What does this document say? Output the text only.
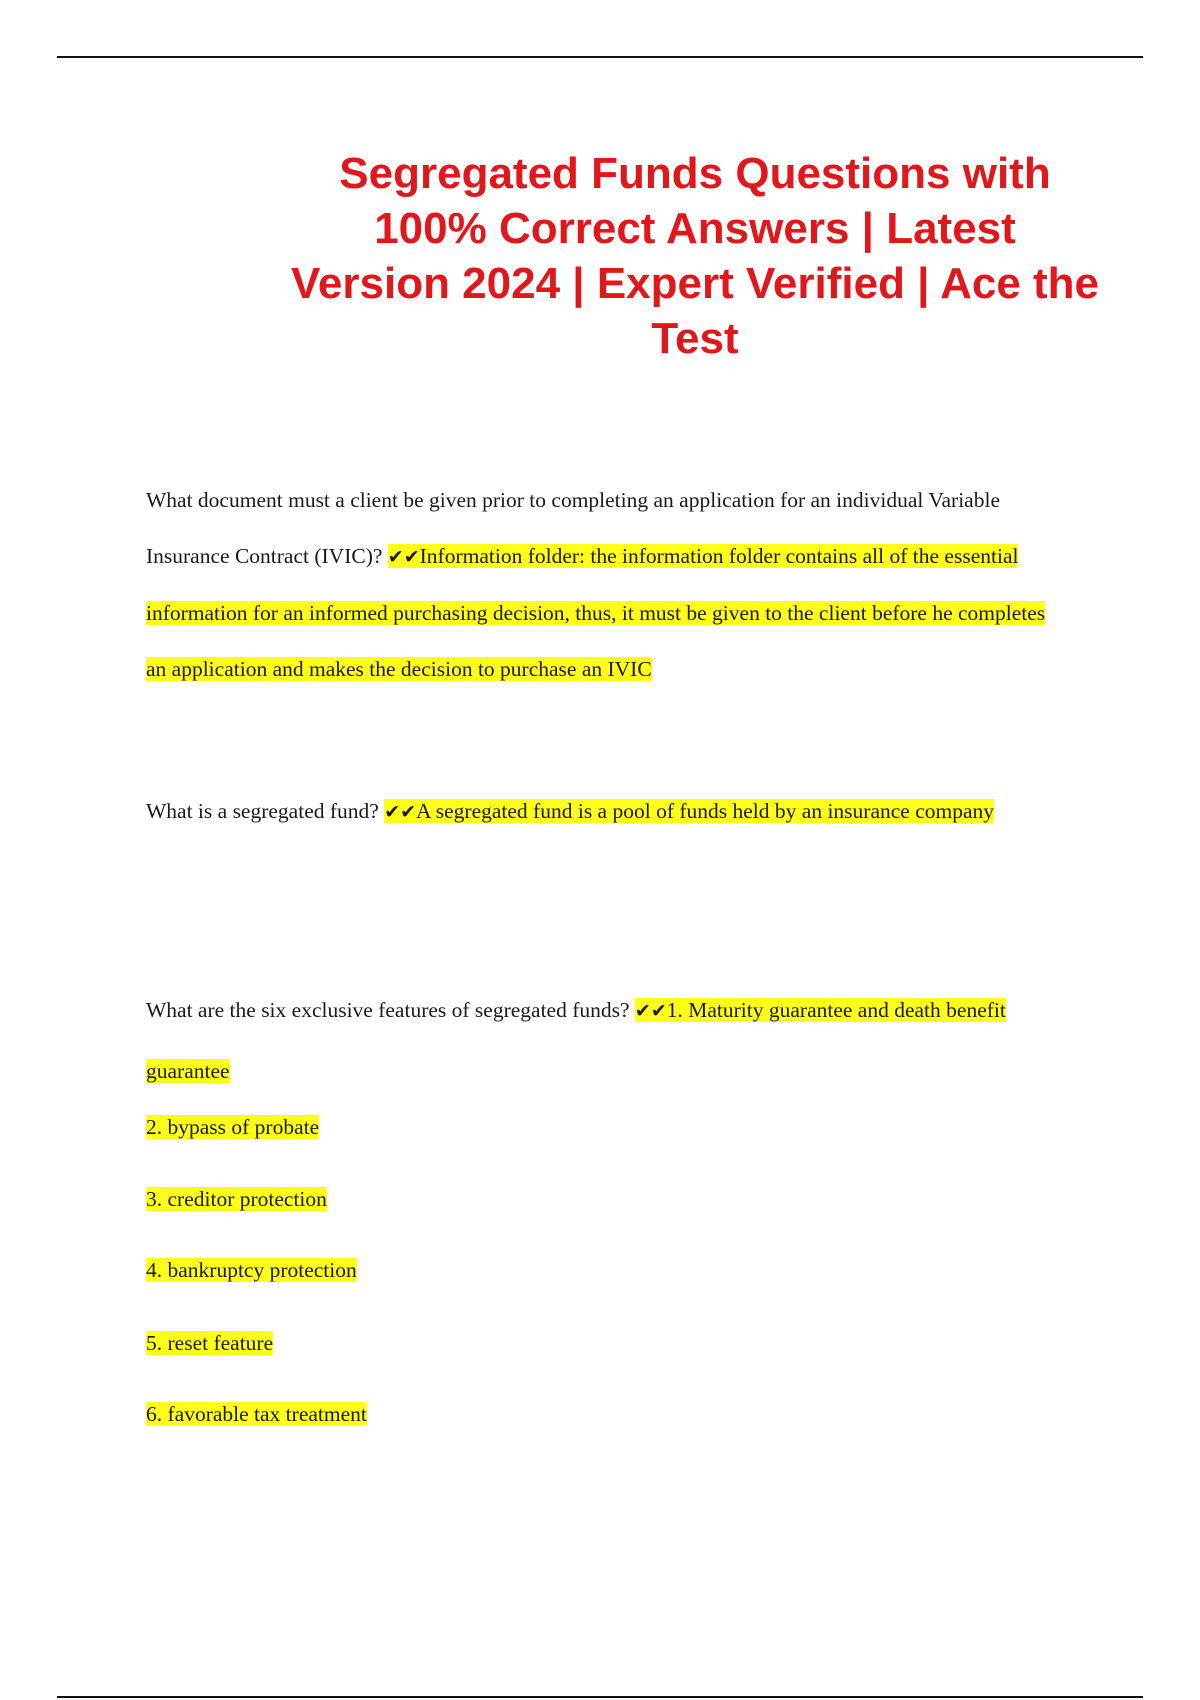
Segregated Funds Questions with 100% Correct Answers | Latest Version 2024 | Expert Verified | Ace the Test
What document must a client be given prior to completing an application for an individual Variable Insurance Contract (IVIC)? ✔✔Information folder: the information folder contains all of the essential information for an informed purchasing decision, thus, it must be given to the client before he completes an application and makes the decision to purchase an IVIC
What is a segregated fund? ✔✔A segregated fund is a pool of funds held by an insurance company
What are the six exclusive features of segregated funds? ✔✔1. Maturity guarantee and death benefit guarantee
2. bypass of probate
3. creditor protection
4. bankruptcy protection
5. reset feature
6. favorable tax treatment
